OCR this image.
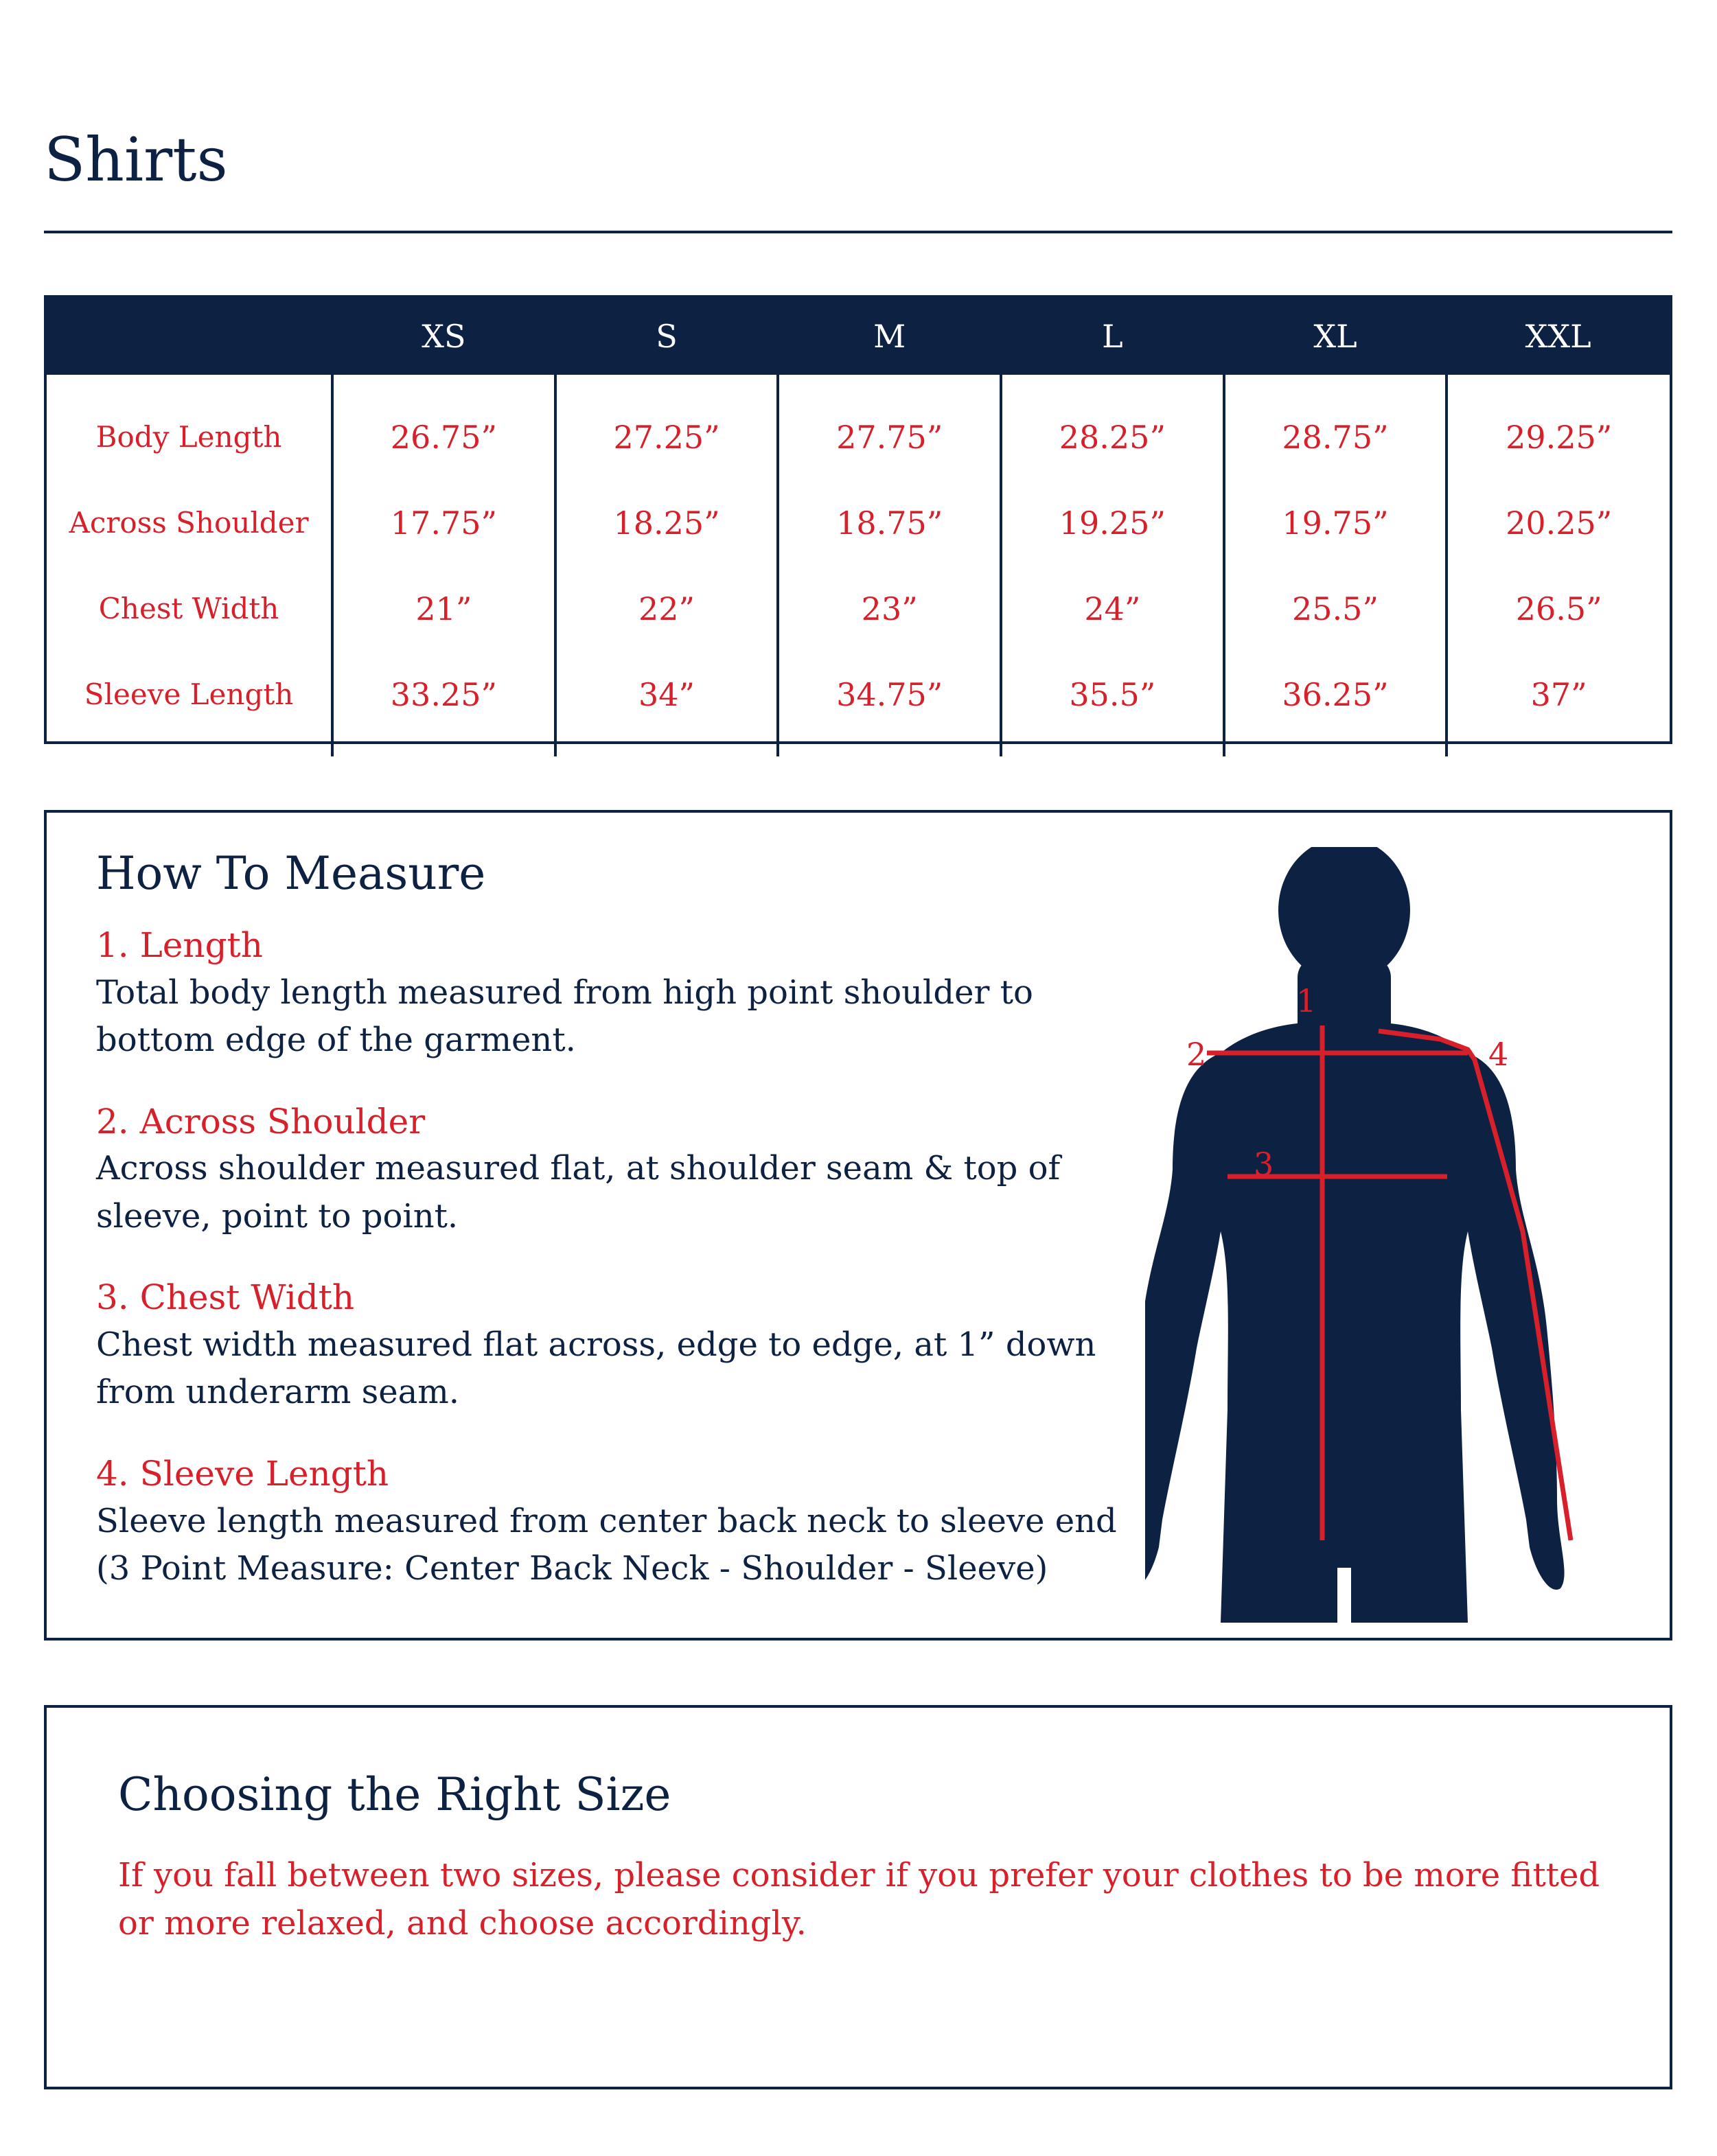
Shirts
	XS	S	M	L	XL	XXL
Body Length	26.75”	27.25”	27.75”	28.25”	28.75”	29.25”
Across Shoulder	17.75”	18.25”	18.75”	19.25”	19.75”	20.25”
Chest Width	21”	22”	23”	24”	25.5”	26.5”
Sleeve Length	33.25”	34”	34.75”	35.5”	36.25”	37”
How To Measure
1. Length
Total body length measured from high point shoulder to bottom edge of the garment.
2. Across Shoulder
Across shoulder measured flat, at shoulder seam & top of sleeve, point to point.
3. Chest Width
Chest width measured flat across, edge to edge, at 1” down from underarm seam.
4. Sleeve Length
Sleeve length measured from center back neck to sleeve end (3 Point Measure: Center Back Neck - Shoulder - Sleeve)
1
2
3
4
Choosing the Right Size
If you fall between two sizes, please consider if you prefer your clothes to be more fitted or more relaxed, and choose accordingly.
